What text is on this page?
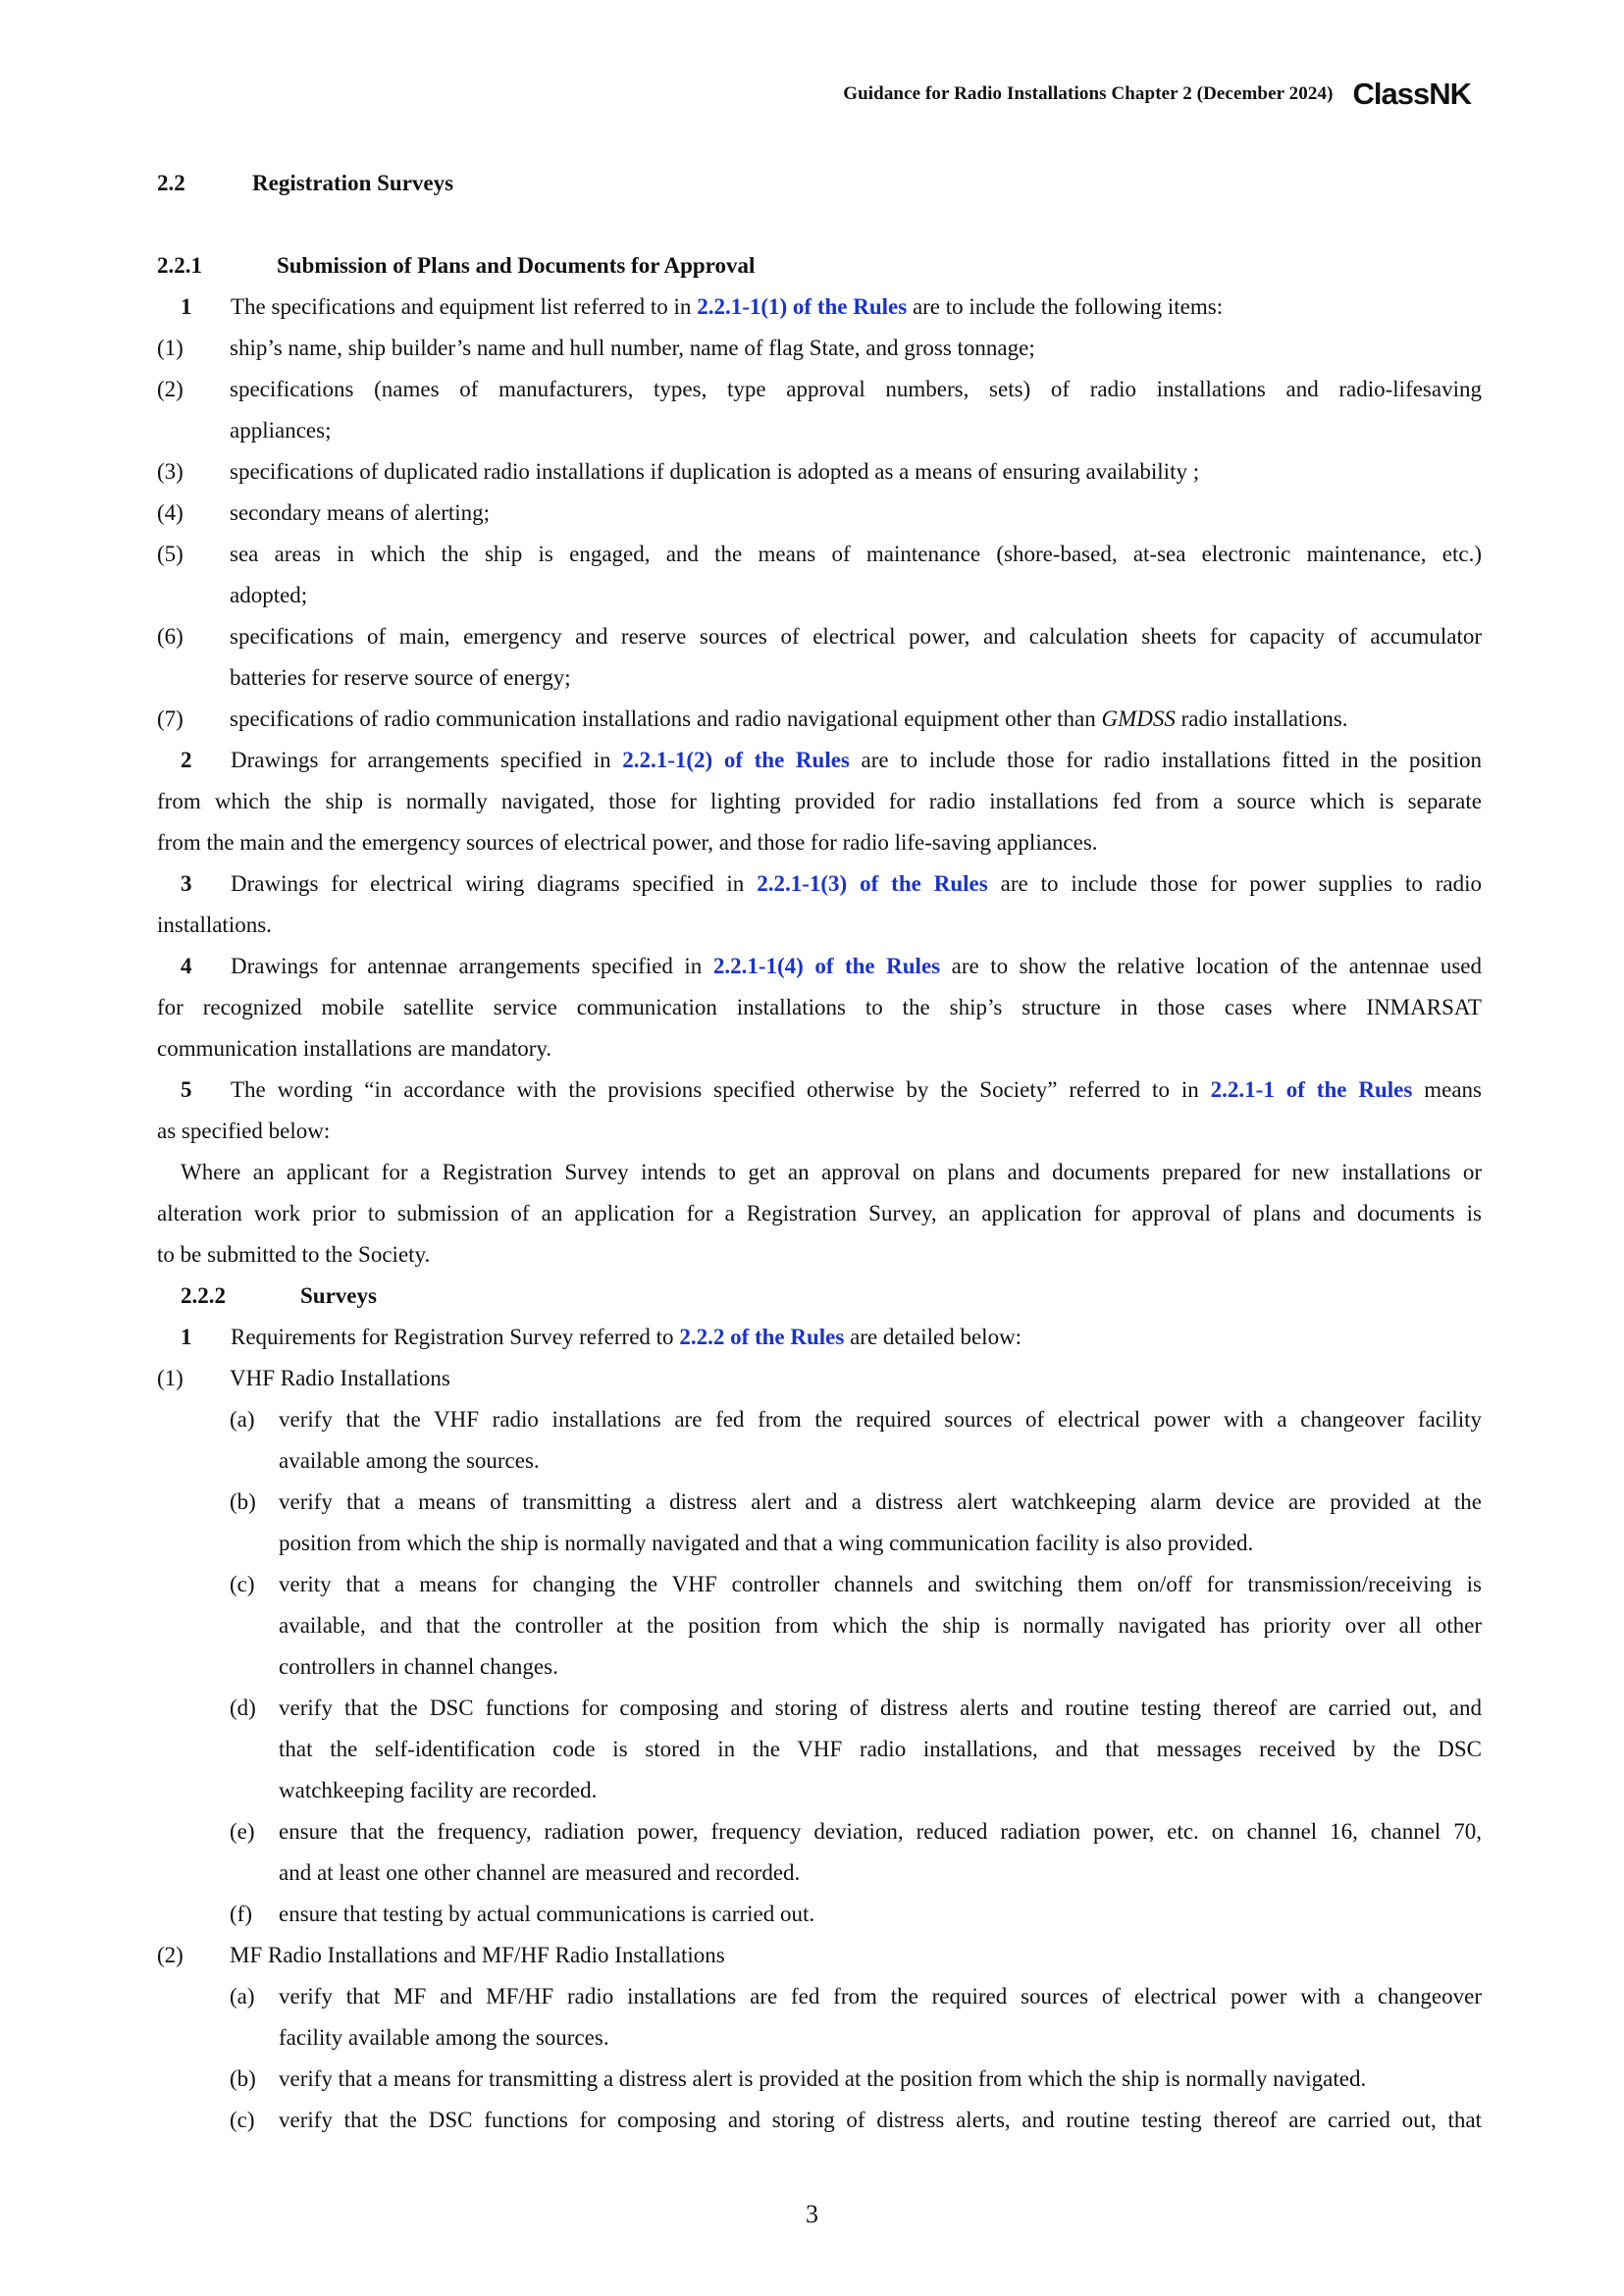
Guidance for Radio Installations Chapter 2 (December 2024) ClassNK
2.2	Registration Surveys
2.2.1	Submission of Plans and Documents for Approval
1 The specifications and equipment list referred to in 2.2.1-1(1) of the Rules are to include the following items:
(1) ship’s name, ship builder’s name and hull number, name of flag State, and gross tonnage;
(2) specifications (names of manufacturers, types, type approval numbers, sets) of radio installations and radio-lifesaving
appliances;
(3) specifications of duplicated radio installations if duplication is adopted as a means of ensuring availability ;
(4) secondary means of alerting;
(5) sea areas in which the ship is engaged, and the means of maintenance (shore-based, at-sea electronic maintenance, etc.)
adopted;
(6) specifications of main, emergency and reserve sources of electrical power, and calculation sheets for capacity of accumulator
batteries for reserve source of energy;
(7) specifications of radio communication installations and radio navigational equipment other than GMDSS radio installations.
2 Drawings for arrangements specified in 2.2.1-1(2) of the Rules are to include those for radio installations fitted in the position
from which the ship is normally navigated, those for lighting provided for radio installations fed from a source which is separate
from the main and the emergency sources of electrical power, and those for radio life-saving appliances.
3 Drawings for electrical wiring diagrams specified in 2.2.1-1(3) of the Rules are to include those for power supplies to radio
installations.
4 Drawings for antennae arrangements specified in 2.2.1-1(4) of the Rules are to show the relative location of the antennae used
for recognized mobile satellite service communication installations to the ship’s structure in those cases where INMARSAT
communication installations are mandatory.
5 The wording “in accordance with the provisions specified otherwise by the Society” referred to in 2.2.1-1 of the Rules means
as specified below:
Where an applicant for a Registration Survey intends to get an approval on plans and documents prepared for new installations or
alteration work prior to submission of an application for a Registration Survey, an application for approval of plans and documents is
to be submitted to the Society.
2.2.2	Surveys
1 Requirements for Registration Survey referred to 2.2.2 of the Rules are detailed below:
(1) VHF Radio Installations
(a) verify that the VHF radio installations are fed from the required sources of electrical power with a changeover facility
available among the sources.
(b) verify that a means of transmitting a distress alert and a distress alert watchkeeping alarm device are provided at the
position from which the ship is normally navigated and that a wing communication facility is also provided.
(c) verity that a means for changing the VHF controller channels and switching them on/off for transmission/receiving is
available, and that the controller at the position from which the ship is normally navigated has priority over all other
controllers in channel changes.
(d) verify that the DSC functions for composing and storing of distress alerts and routine testing thereof are carried out, and
that the self-identification code is stored in the VHF radio installations, and that messages received by the DSC
watchkeeping facility are recorded.
(e) ensure that the frequency, radiation power, frequency deviation, reduced radiation power, etc. on channel 16, channel 70,
and at least one other channel are measured and recorded.
(f) ensure that testing by actual communications is carried out.
(2) MF Radio Installations and MF/HF Radio Installations
(a) verify that MF and MF/HF radio installations are fed from the required sources of electrical power with a changeover
facility available among the sources.
(b) verify that a means for transmitting a distress alert is provided at the position from which the ship is normally navigated.
(c) verify that the DSC functions for composing and storing of distress alerts, and routine testing thereof are carried out, that
3
